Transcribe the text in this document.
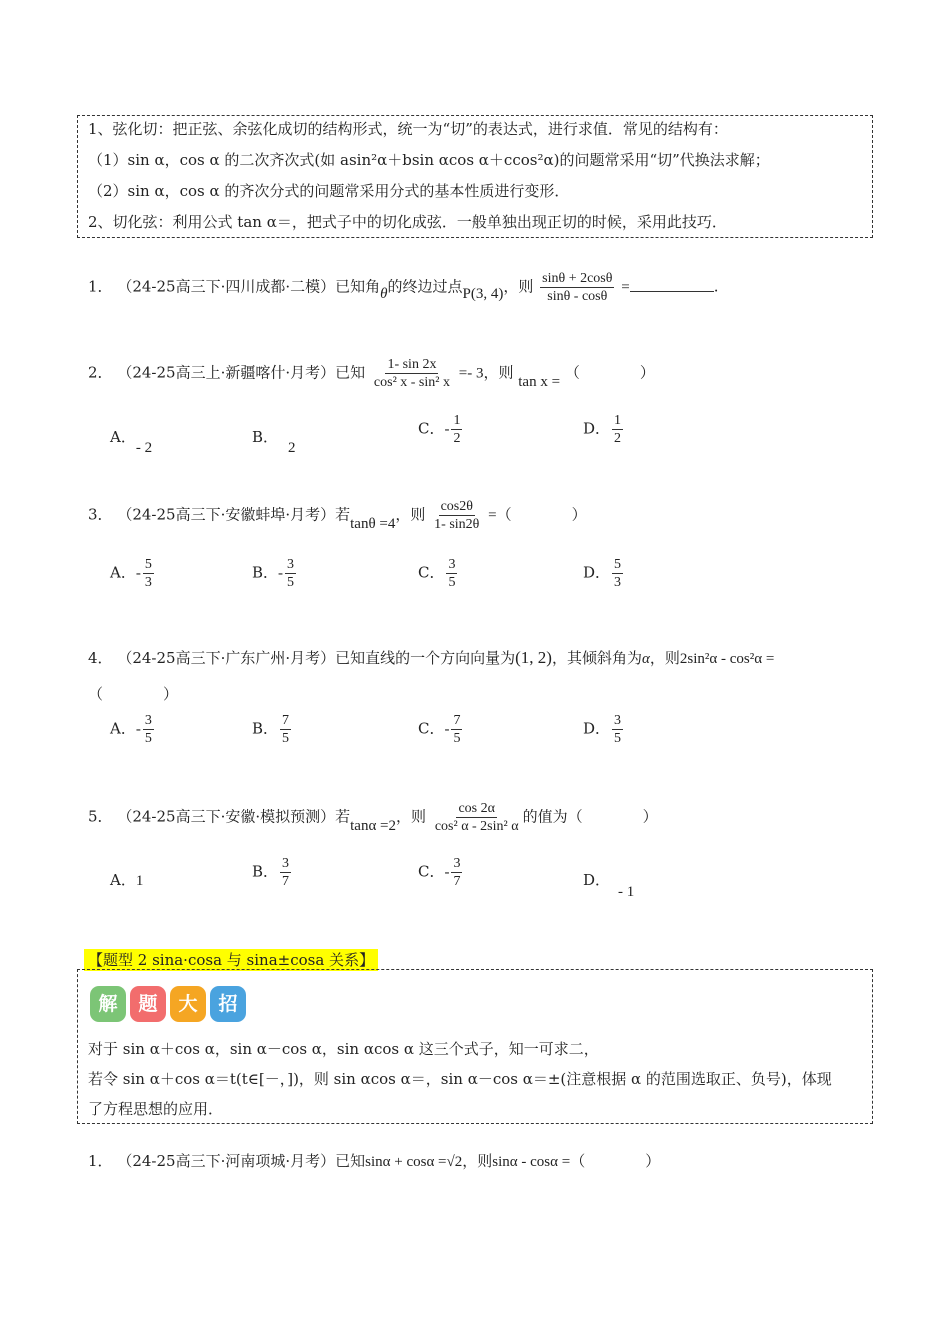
1、弦化切：把正弦、余弦化成切的结构形式，统一为“切”的表达式，进行求值．常见的结构有：
（1）sin α，cos α 的二次齐次式(如 asin²α＋bsin αcos α＋ccos²α)的问题常采用“切”代换法求解；
（2）sin α，cos α 的齐次分式的问题常采用分式的基本性质进行变形．
2、切化弦：利用公式 tan α＝，把式子中的切化成弦．一般单独出现正切的时候，采用此技巧．
1． （24-25高三下·四川成都·二模）已知角θ的终边过点P(3, 4)，则 $\frac{\sin\theta + 2\cos\theta}{\sin\theta - \cos\theta}$ =	.
2． （24-25高三上·新疆喀什·月考）已知 $\frac{1- \sin 2x}{\text{cos² x - sin² x}} =- 3$，则 tan x = （　　　　）
A．- 2
B．2
C．- $\frac{1}{2}$	D． $\frac{1}{2}$
3． （24-25高三下·安徽蚌埠·月考）若tanθ =4，则 $\frac{\cos 2\theta}{1- \sin 2\theta}$ =（　　　　）
A．- $\frac{5}{3}$	B．- $\frac{3}{5}$	C． $\frac{3}{5}$	D． $\frac{5}{3}$
4． （24-25高三下·广东广州·月考）已知直线的一个方向向量为(1, 2)，其倾斜角为α，则2sin²α - cos²α =
（　　　　）
A．- $\frac{3}{5}$	B． $\frac{7}{5}$	C．- $\frac{7}{5}$	D． $\frac{3}{5}$
5． （24-25高三下·安徽·模拟预测）若tanα =2，则 $\frac{\cos 2\alpha}{\text{cos² α - 2sin² α}}$ 的值为（　　　　）
A．1
B． $\frac{3}{7}$	C．- $\frac{3}{7}$	D．- 1
【题型 2 sina·cosa 与 sina±cosa 关系】
解 题 大 招
对于 sin α＋cos α，sin α－cos α，sin αcos α 这三个式子，知一可求二，
若令 sin α＋cos α＝t(t∈[－，])，则 sin αcos α＝，sin α－cos α＝±(注意根据 α 的范围选取正、负号)，体现
了方程思想的应用．
1． （24-25高三下·河南项城·月考）已知sinα + cosα =√2，则sinα - cosα =（　　　　）
